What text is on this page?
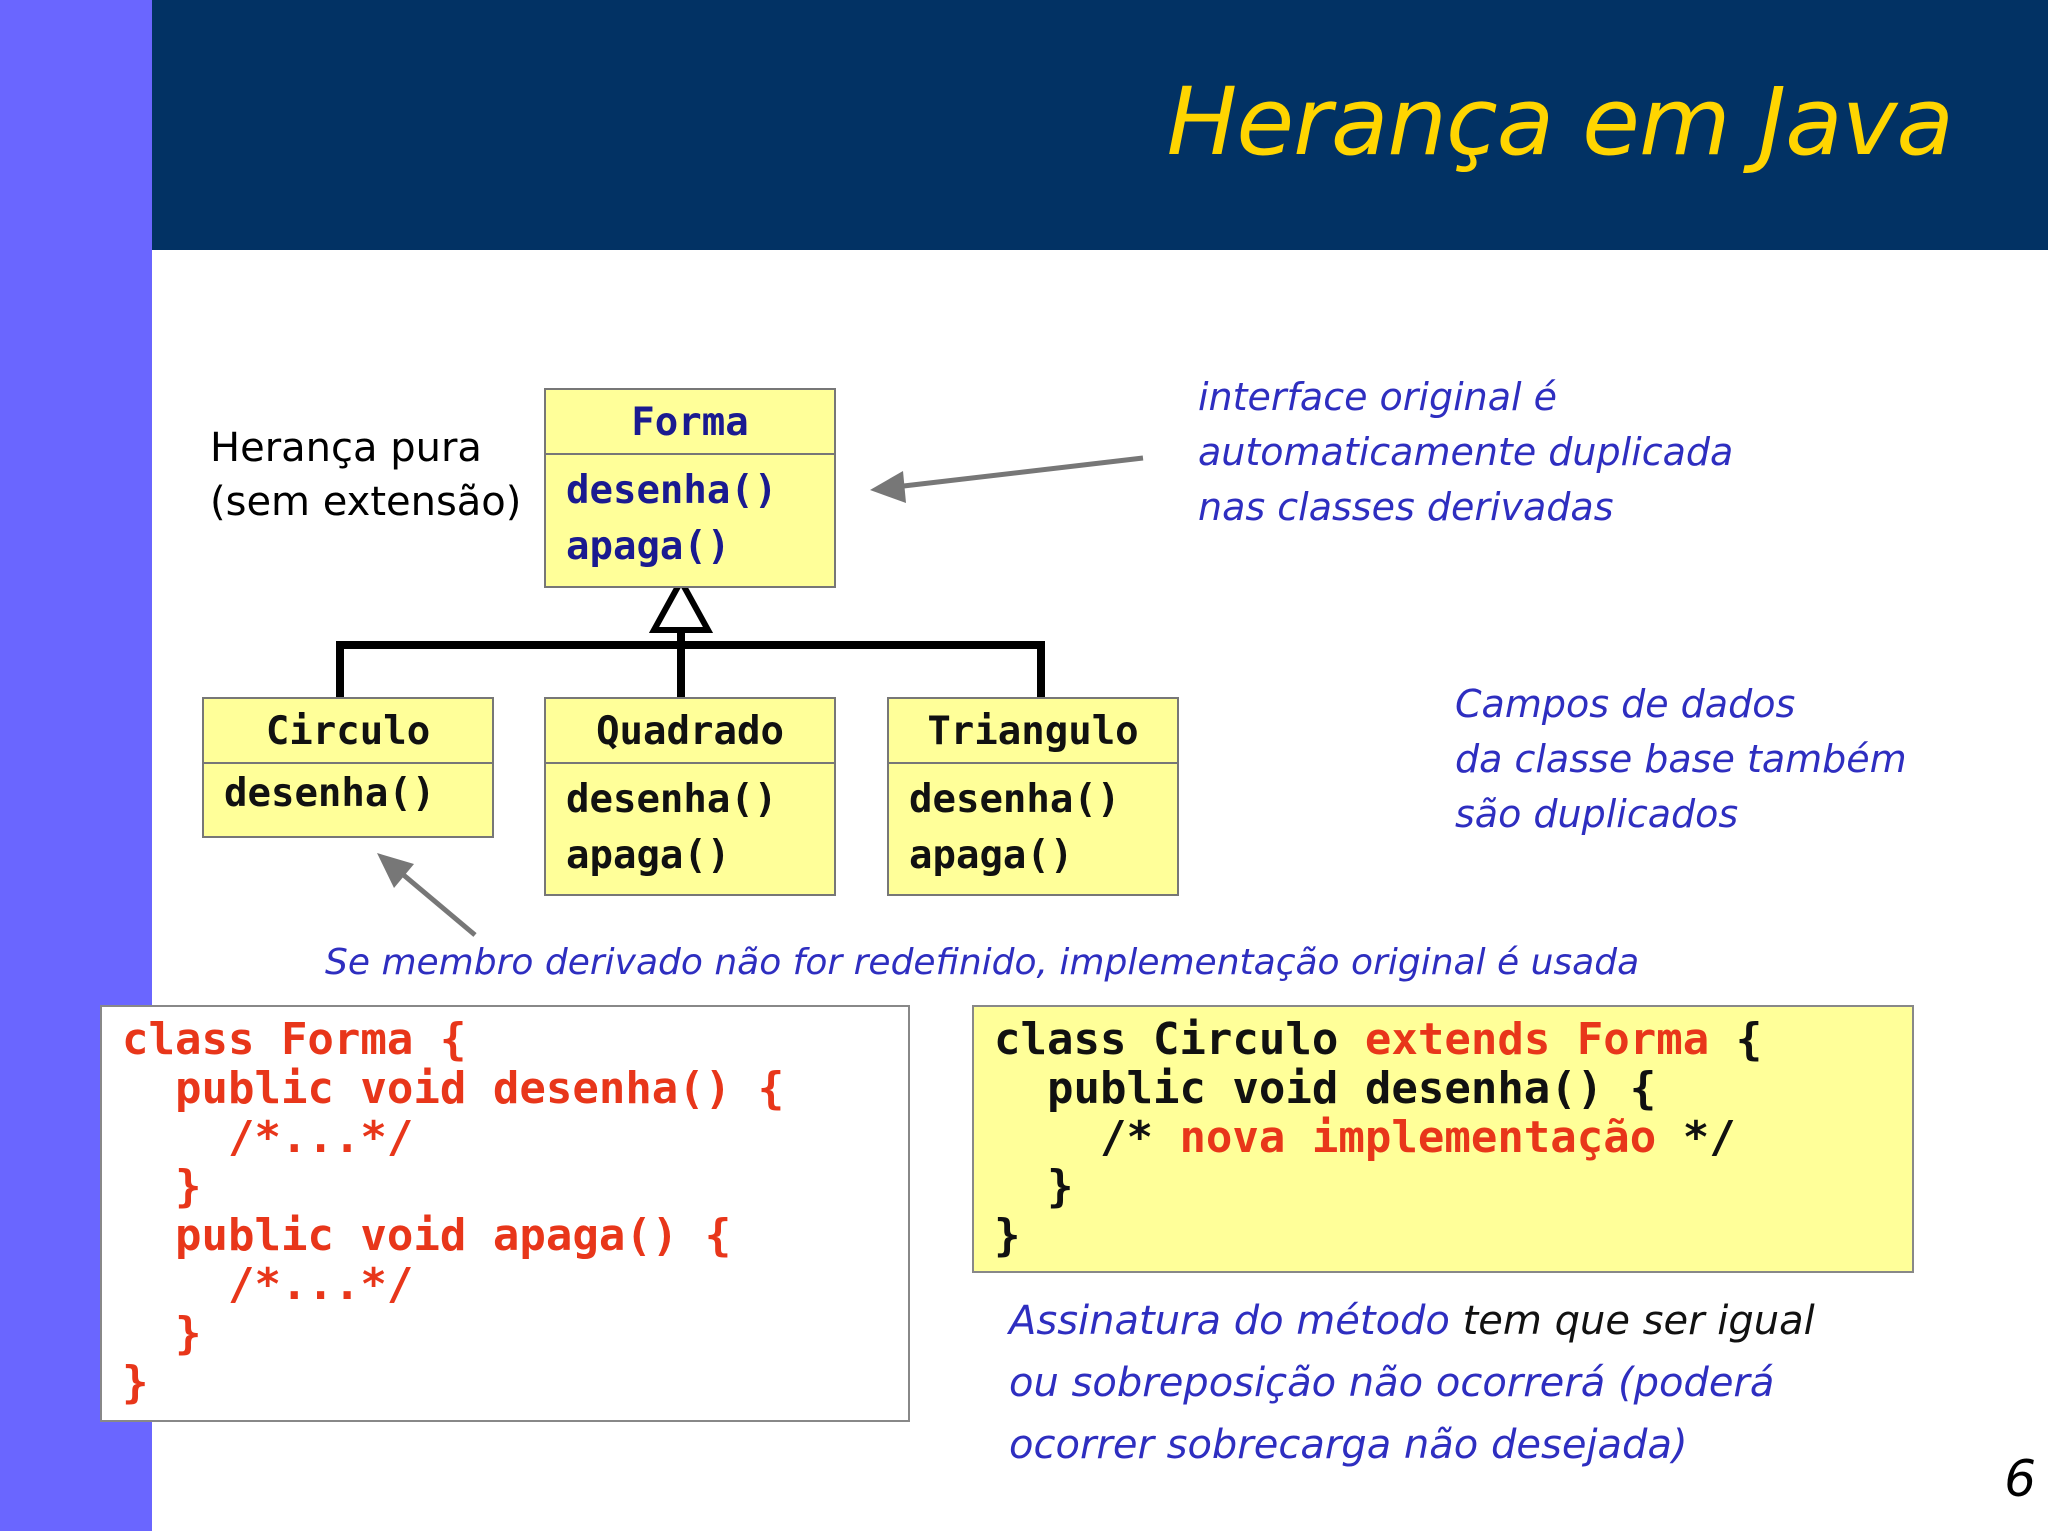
Herança em Java
Herança pura
(sem extensão)
Forma
desenha()
apaga()
Circulo
desenha()
Quadrado
desenha()
apaga()
Triangulo
desenha()
apaga()
interface original é
automaticamente duplicada
nas classes derivadas
Campos de dados
da classe base também
são duplicados
Se membro derivado não for redefinido, implementação original é usada
class Forma {
public void desenha() {
/*...*/
}
public void apaga() {
/*...*/
}
}
class Circulo extends Forma {
public void desenha() {
/* nova implementação */
}
}
Assinatura do método tem que ser igual
ou sobreposição não ocorrerá (poderá
ocorrer sobrecarga não desejada)
6
